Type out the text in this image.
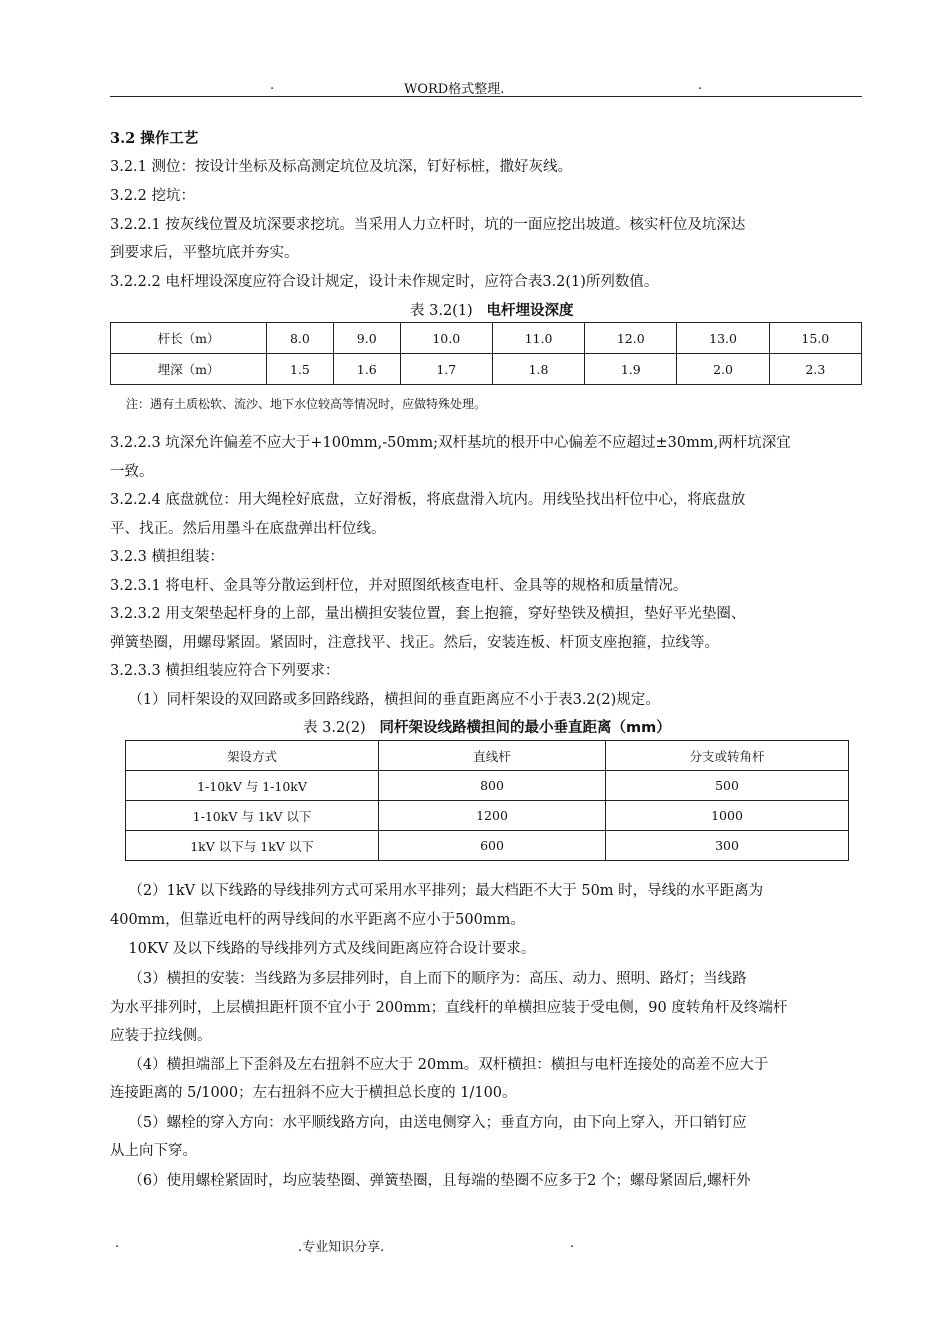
.	WORD格式整理.	.
3.2 操作工艺
3.2.1 测位：按设计坐标及标高测定坑位及坑深，钉好标桩，撒好灰线。
3.2.2 挖坑：
3.2.2.1 按灰线位置及坑深要求挖坑。当采用人力立杆时，坑的一面应挖出坡道。核实杆位及坑深达
到要求后，平整坑底并夯实。
3.2.2.2 电杆埋设深度应符合设计规定，设计未作规定时，应符合表3.2(1)所列数值。
表 3.2(1) 电杆埋设深度
杆长（m）	8.0	9.0	10.0	11.0	12.0	13.0	15.0
埋深（m）	1.5	1.6	1.7	1.8	1.9	2.0	2.3
注：遇有土质松软、流沙、地下水位较高等情况时，应做特殊处理。
3.2.2.3 坑深允许偏差不应大于+100mm,-50mm;双杆基坑的根开中心偏差不应超过±30mm,两杆坑深宜
一致。
3.2.2.4 底盘就位：用大绳栓好底盘，立好滑板，将底盘滑入坑内。用线坠找出杆位中心，将底盘放
平、找正。然后用墨斗在底盘弹出杆位线。
3.2.3 横担组装：
3.2.3.1 将电杆、金具等分散运到杆位，并对照图纸核查电杆、金具等的规格和质量情况。
3.2.3.2 用支架垫起杆身的上部，量出横担安装位置，套上抱箍，穿好垫铁及横担，垫好平光垫圈、
弹簧垫圈，用螺母紧固。紧固时，注意找平、找正。然后，安装连板、杆顶支座抱箍，拉线等。
3.2.3.3 横担组装应符合下列要求：
（1）同杆架设的双回路或多回路线路，横担间的垂直距离应不小于表3.2(2)规定。
表 3.2(2) 同杆架设线路横担间的最小垂直距离（mm）
架设方式	直线杆	分支或转角杆
1-10kV 与 1-10kV	800	500
1-10kV 与 1kV 以下	1200	1000
1kV 以下与 1kV 以下	600	300
（2）1kV 以下线路的导线排列方式可采用水平排列；最大档距不大于 50m 时，导线的水平距离为
400mm，但靠近电杆的两导线间的水平距离不应小于500mm。
10KV 及以下线路的导线排列方式及线间距离应符合设计要求。
（3）横担的安装：当线路为多层排列时，自上而下的顺序为：高压、动力、照明、路灯；当线路
为水平排列时，上层横担距杆顶不宜小于 200mm；直线杆的单横担应装于受电侧，90 度转角杆及终端杆
应装于拉线侧。
（4）横担端部上下歪斜及左右扭斜不应大于 20mm。双杆横担：横担与电杆连接处的高差不应大于
连接距离的 5/1000；左右扭斜不应大于横担总长度的 1/100。
（5）螺栓的穿入方向：水平顺线路方向，由送电侧穿入；垂直方向，由下向上穿入，开口销钉应
从上向下穿。
（6）使用螺栓紧固时，均应装垫圈、弹簧垫圈，且每端的垫圈不应多于2 个；螺母紧固后,螺杆外
.	.专业知识分享.	.
